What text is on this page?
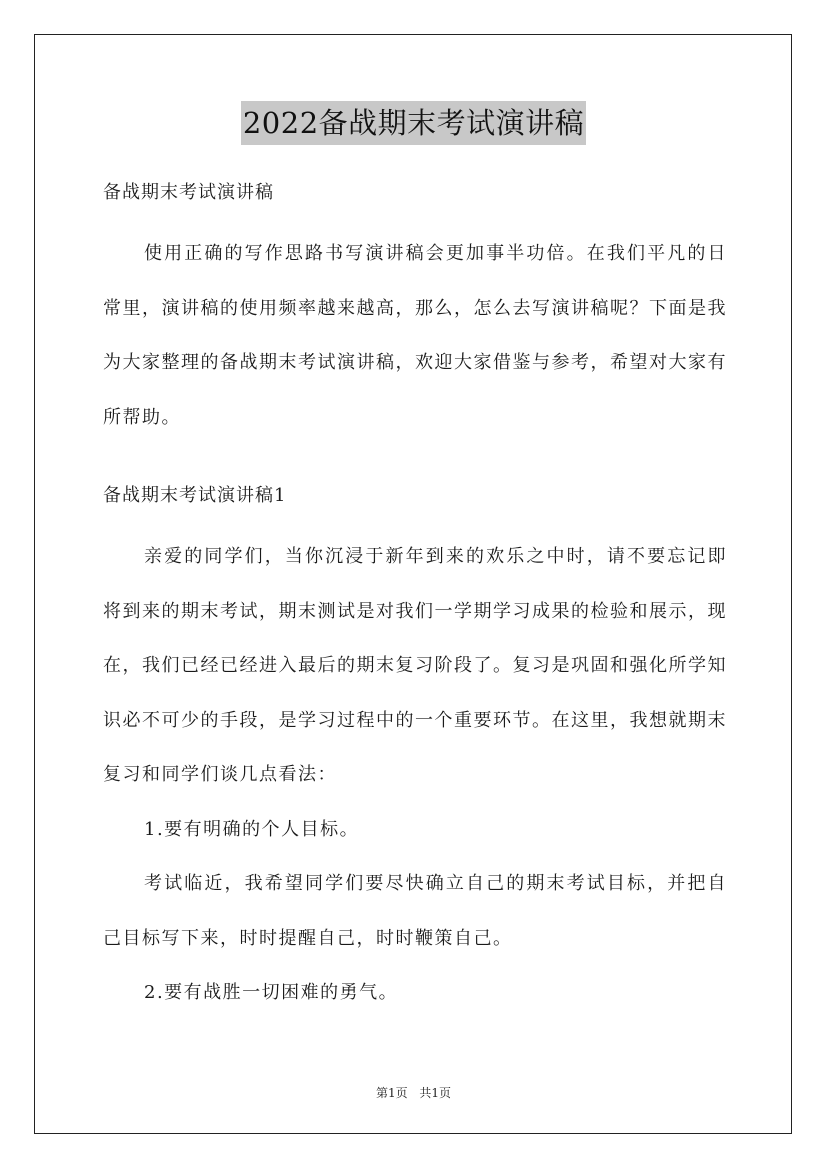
2022备战期末考试演讲稿

备战期末考试演讲稿

使用正确的写作思路书写演讲稿会更加事半功倍。在我们平凡的日常里，演讲稿的使用频率越来越高，那么，怎么去写演讲稿呢？下面是我为大家整理的备战期末考试演讲稿，欢迎大家借鉴与参考，希望对大家有所帮助。

备战期末考试演讲稿1

亲爱的同学们，当你沉浸于新年到来的欢乐之中时，请不要忘记即将到来的期末考试，期末测试是对我们一学期学习成果的检验和展示，现在，我们已经已经进入最后的期末复习阶段了。复习是巩固和强化所学知识必不可少的手段，是学习过程中的一个重要环节。在这里，我想就期末复习和同学们谈几点看法：

1.要有明确的个人目标。

考试临近，我希望同学们要尽快确立自己的期末考试目标，并把自己目标写下来，时时提醒自己，时时鞭策自己。

2.要有战胜一切困难的勇气。

第1页 共1页
